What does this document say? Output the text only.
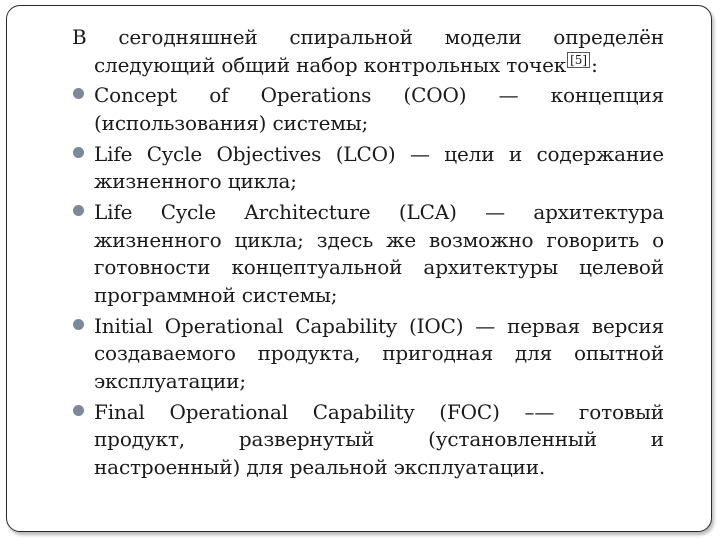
В сегодняшней спиральной модели определён следующий общий набор контрольных точек [5] :

Concept of Operations (COO) — концепция (использования) системы;

Life Cycle Objectives (LCO) — цели и содержание жизненного цикла;

Life Cycle Architecture (LCA) — архитектура жизненного цикла; здесь же возможно говорить о готовности концептуальной архитектуры целевой программной системы;

Initial Operational Capability (IOC) — первая версия создаваемого продукта, пригодная для опытной эксплуатации;

Final Operational Capability (FOC) –— готовый продукт, развернутый (установленный и настроенный) для реальной эксплуатации.
